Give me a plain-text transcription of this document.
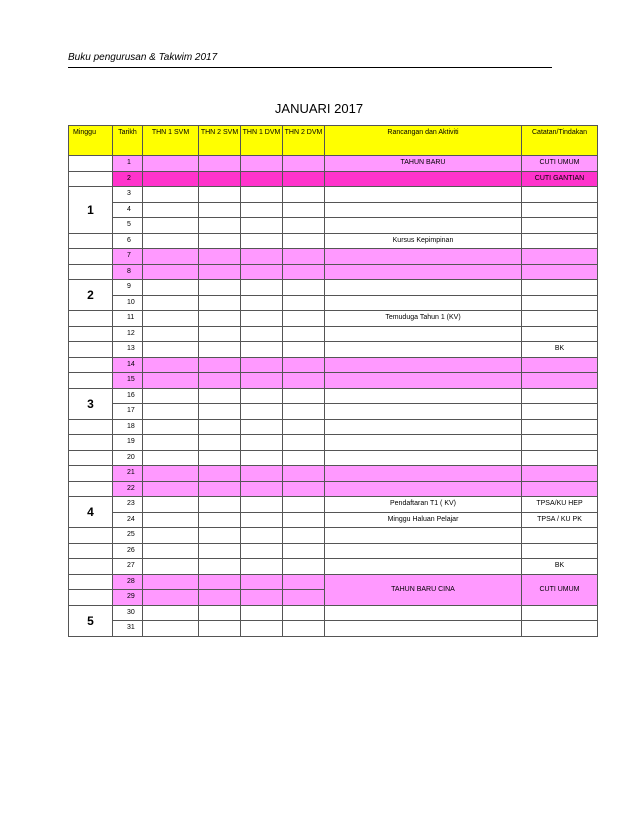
Buku pengurusan & Takwim 2017
JANUARI 2017
Minggu	Tarikh	THN 1 SVM	THN 2 SVM	THN 1 DVM	THN 2 DVM	Rancangan dan Aktiviti	Catatan/Tindakan
	1					TAHUN BARU	CUTI UMUM
	2						CUTI GANTIAN
1	3						
	4						
	5						
	6					Kursus Kepimpinan	
	7						
	8						
2	9						
	10						
	11					Temuduga Tahun 1 (KV)	
	12						
	13						BK
	14						
	15						
3	16						
	17						
	18						
	19						
	20						
	21						
	22						
4	23					Pendaftaran T1 ( KV)	TPSA/KU HEP
	24					Minggu Haluan Pelajar	TPSA / KU PK
	25						
	26						
	27						BK
	28					TAHUN BARU CINA	CUTI UMUM
	29						
5	30						
	31						
